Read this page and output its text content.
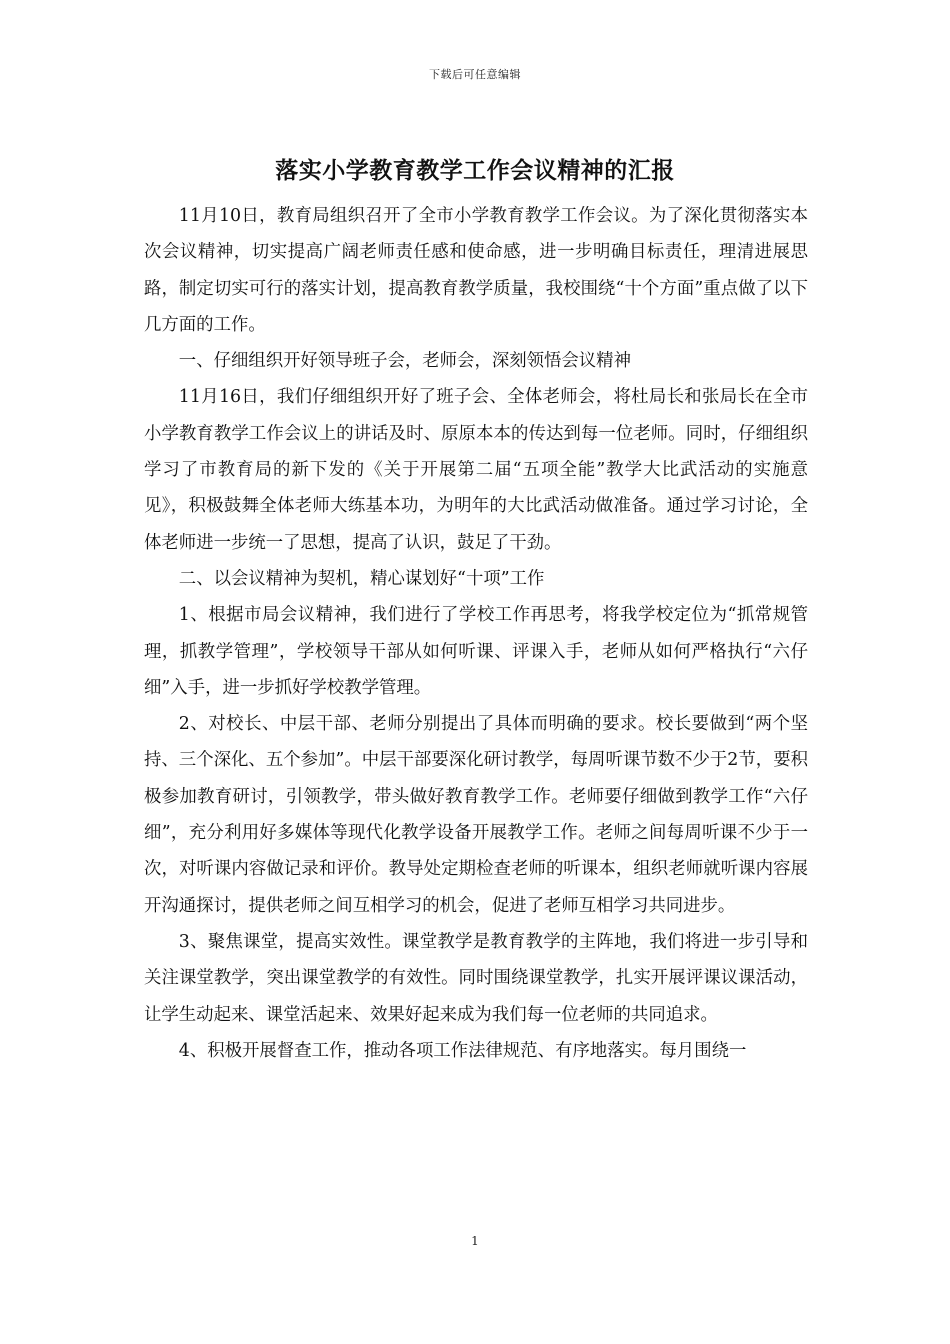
下载后可任意编辑
落实小学教育教学工作会议精神的汇报

11月10日，教育局组织召开了全市小学教育教学工作会议。为了深化贯彻落实本次会议精神，切实提高广阔老师责任感和使命感，进一步明确目标责任，理清进展思路，制定切实可行的落实计划，提高教育教学质量，我校围绕“十个方面”重点做了以下几方面的工作。

一、仔细组织开好领导班子会，老师会，深刻领悟会议精神

11月16日，我们仔细组织开好了班子会、全体老师会，将杜局长和张局长在全市小学教育教学工作会议上的讲话及时、原原本本的传达到每一位老师。同时，仔细组织学习了市教育局的新下发的《关于开展第二届“五项全能”教学大比武活动的实施意见》，积极鼓舞全体老师大练基本功，为明年的大比武活动做准备。通过学习讨论，全体老师进一步统一了思想，提高了认识，鼓足了干劲。

二、以会议精神为契机，精心谋划好“十项”工作

1、根据市局会议精神，我们进行了学校工作再思考，将我学校定位为“抓常规管理，抓教学管理”，学校领导干部从如何听课、评课入手，老师从如何严格执行“六仔细”入手，进一步抓好学校教学管理。

2、对校长、中层干部、老师分别提出了具体而明确的要求。校长要做到“两个坚持、三个深化、五个参加”。中层干部要深化研讨教学，每周听课节数不少于2节，要积极参加教育研讨，引领教学，带头做好教育教学工作。老师要仔细做到教学工作“六仔细”，充分利用好多媒体等现代化教学设备开展教学工作。老师之间每周听课不少于一次，对听课内容做记录和评价。教导处定期检查老师的听课本，组织老师就听课内容展开沟通探讨，提供老师之间互相学习的机会，促进了老师互相学习共同进步。

3、聚焦课堂，提高实效性。课堂教学是教育教学的主阵地，我们将进一步引导和关注课堂教学，突出课堂教学的有效性。同时围绕课堂教学，扎实开展评课议课活动，让学生动起来、课堂活起来、效果好起来成为我们每一位老师的共同追求。

4、积极开展督查工作，推动各项工作法律规范、有序地落实。每月围绕一

1
